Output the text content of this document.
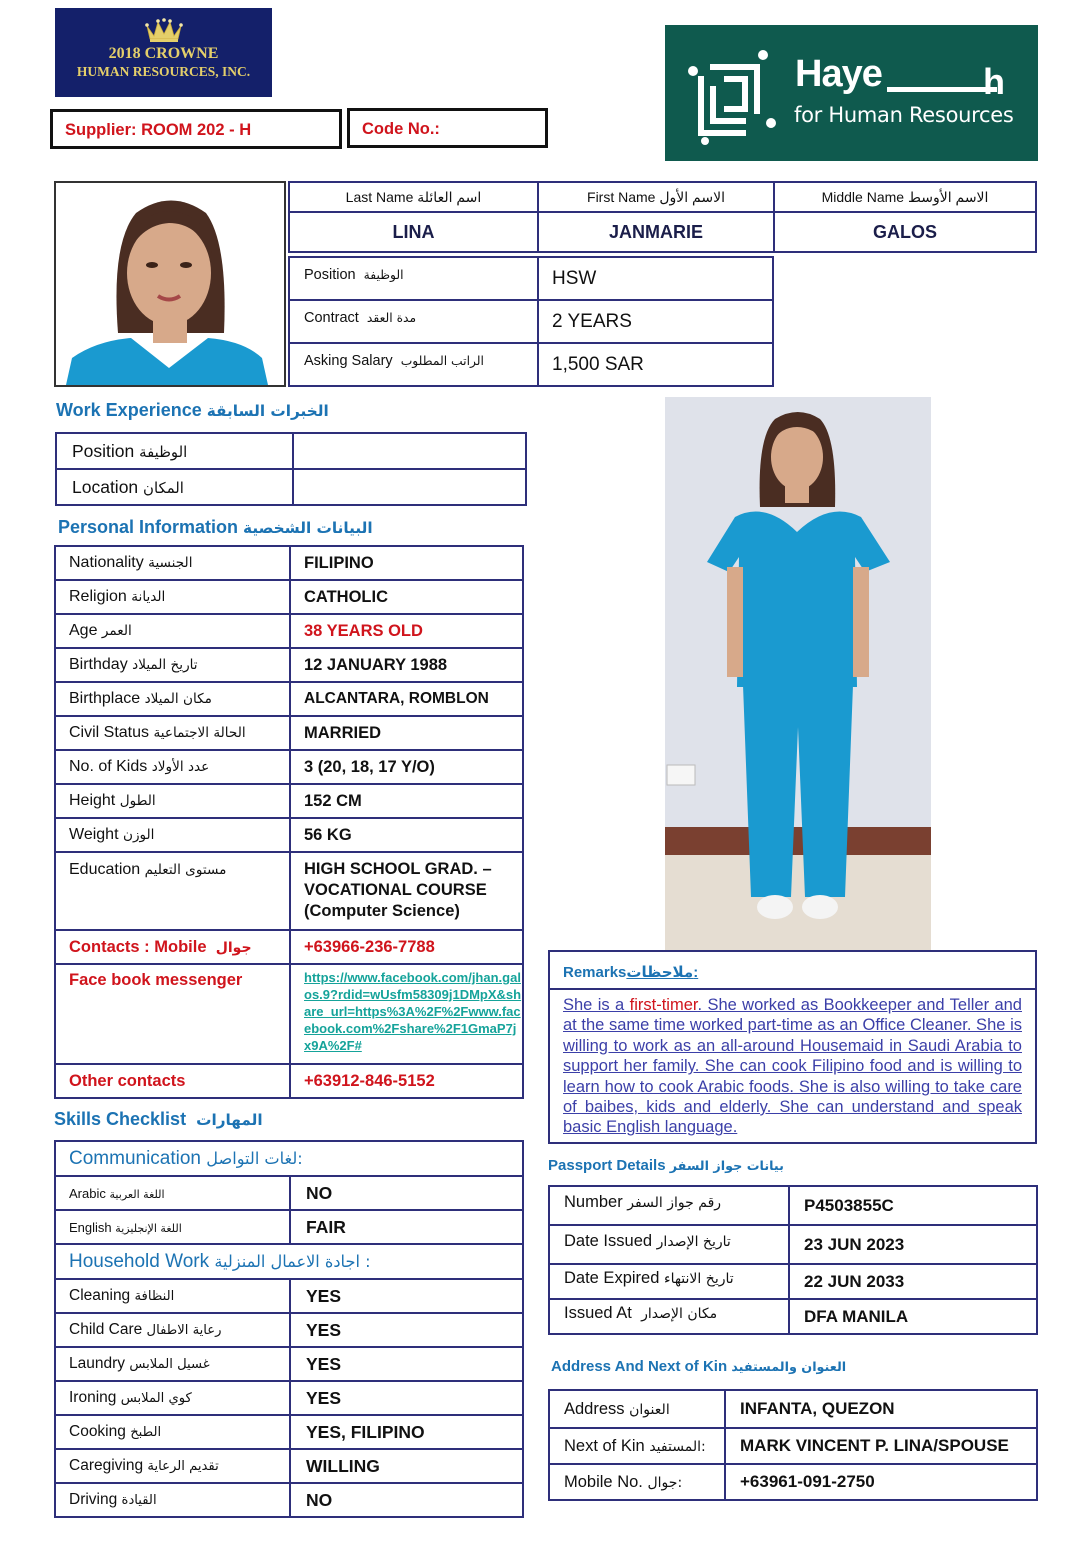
2018 CROWNE
HUMAN RESOURCES, INC.	Haye	h
for Human Resources
Supplier: ROOM 202 - H	Code No.:
Last Name اسم العائلة	First Name الاسم الأول	Middle Name الاسم الأوسط
LINA	JANMARIE	GALOS
Position الوظيفة	HSW
Contract مدة العقد	2 YEARS
Asking Salary الراتب المطلوب	1,500 SAR
Work Experience الخبرات السابقة
Position الوظيفة	
Location المكان	
Personal Information البيانات الشخصية
Nationality الجنسية	FILIPINO
Religion الديانة	CATHOLIC
Age العمر	38 YEARS OLD
Birthday تاريخ الميلاد	12 JANUARY 1988
Birthplace مكان الميلاد	ALCANTARA, ROMBLON
Civil Status الحالة الاجتماعية	MARRIED
No. of Kids عدد الأولاد	3 (20, 18, 17 Y/O)
Height الطول	152 CM
Weight الوزن	56 KG
Education مستوى التعليم	HIGH SCHOOL GRAD. –
VOCATIONAL COURSE
(Computer Science)

Contacts : Mobile جوال	+63966-236-7788
Face book messenger	https://www.facebook.com/jhan.galos.9?rdid=wUsfm58309j1DMpX&share_url=https%3A%2F%2Fwww.facebook.com%2Fshare%2F1GmaP7jx9A%2F#
Other contacts	+63912-846-5152
Skills Checklist المهارات
Communication لغات التواصل:	
Arabic اللغة العربية	NO
English اللغة الإنجليزية	FAIR
Household Work اجادة الاعمال المنزلية :	
Cleaning النظافة	YES
Child Care رعاية الاطفال	YES
Laundry غسيل الملابس	YES
Ironing كوي الملابس	YES
Cooking الطبخ	YES, FILIPINO
Caregiving تقديم الرعاية	WILLING
Driving القيادة	NO
Remarksملاحظات:
She is a first-timer. She worked as Bookkeeper and Teller and at the same time worked part-time as an Office Cleaner. She is willing to work as an all-around Housemaid in Saudi Arabia to support her family. She can cook Filipino food and is willing to learn how to cook Arabic foods. She is also willing to take care of baibes, kids and elderly. She can understand and speak basic English language.
Passport Details بيانات جواز السفر
Number رقم جواز السفر	P4503855C
Date Issued تاريخ الإصدار	23 JUN 2023
Date Expired تاريخ الانتهاء	22 JUN 2033
Issued At مكان الإصدار	DFA MANILA
Address And Next of Kin العنوان والمستفيد
Address العنوان	INFANTA, QUEZON
Next of Kin المستفيد:	MARK VINCENT P. LINA/SPOUSE
Mobile No. جوال:	+63961-091-2750
